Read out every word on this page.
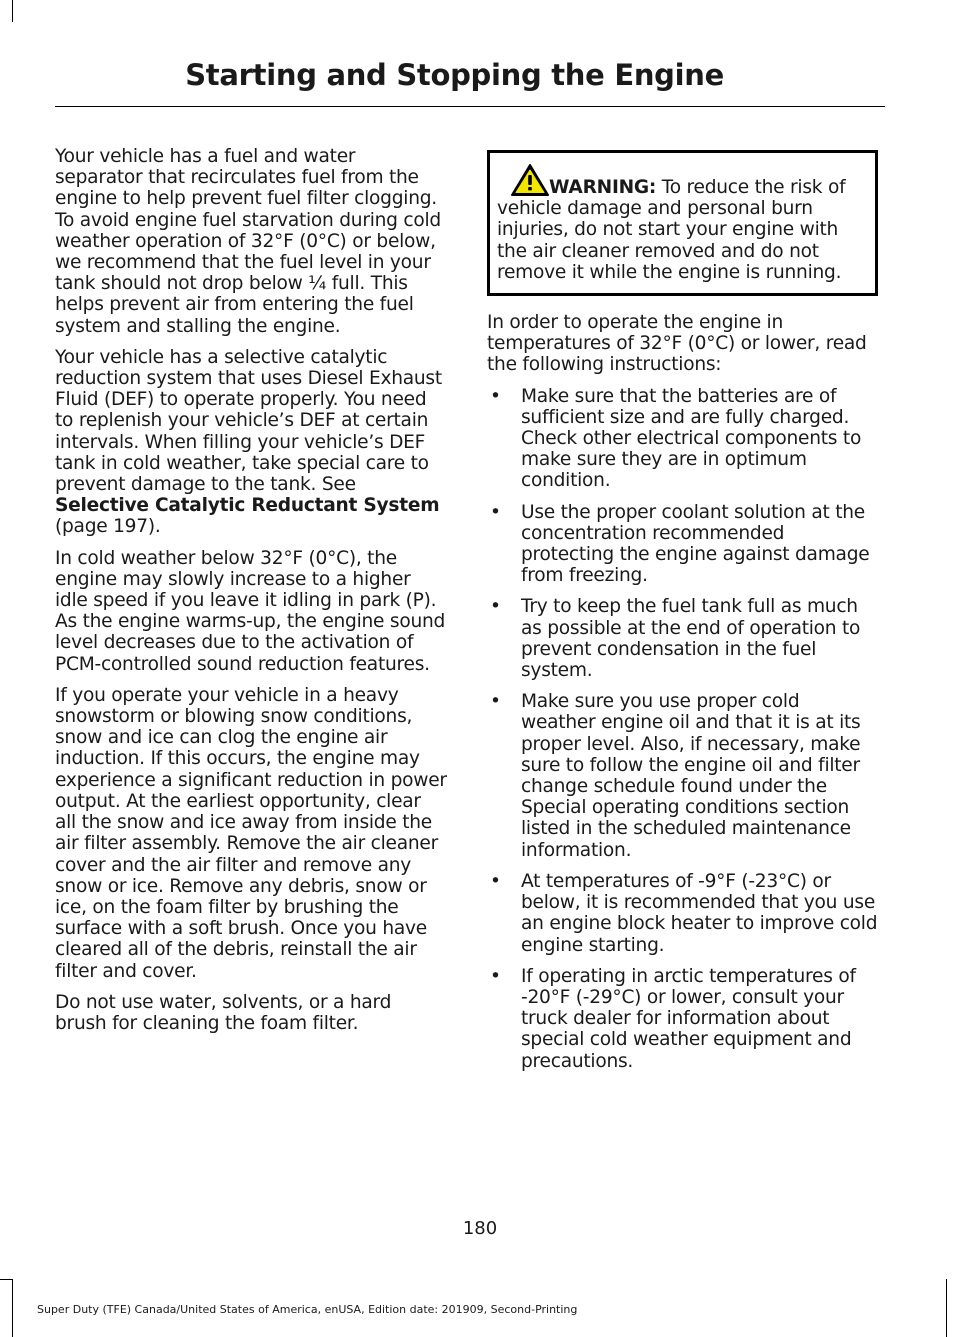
Starting and Stopping the Engine

Your vehicle has a fuel and water separator that recirculates fuel from the engine to help prevent fuel filter clogging. To avoid engine fuel starvation during cold weather operation of 32°F (0°C) or below, we recommend that the fuel level in your tank should not drop below ¼ full. This helps prevent air from entering the fuel system and stalling the engine.

Your vehicle has a selective catalytic reduction system that uses Diesel Exhaust Fluid (DEF) to operate properly. You need to replenish your vehicle’s DEF at certain intervals. When filling your vehicle’s DEF tank in cold weather, take special care to prevent damage to the tank. See Selective Catalytic Reductant System (page 197).

In cold weather below 32°F (0°C), the engine may slowly increase to a higher idle speed if you leave it idling in park (P). As the engine warms-up, the engine sound level decreases due to the activation of PCM-controlled sound reduction features.

If you operate your vehicle in a heavy snowstorm or blowing snow conditions, snow and ice can clog the engine air induction. If this occurs, the engine may experience a significant reduction in power output. At the earliest opportunity, clear all the snow and ice away from inside the air filter assembly. Remove the air cleaner cover and the air filter and remove any snow or ice. Remove any debris, snow or ice, on the foam filter by brushing the surface with a soft brush. Once you have cleared all of the debris, reinstall the air filter and cover.

Do not use water, solvents, or a hard brush for cleaning the foam filter.

WARNING: To reduce the risk of vehicle damage and personal burn injuries, do not start your engine with the air cleaner removed and do not remove it while the engine is running.

In order to operate the engine in temperatures of 32°F (0°C) or lower, read the following instructions:

• Make sure that the batteries are of sufficient size and are fully charged. Check other electrical components to make sure they are in optimum condition.
• Use the proper coolant solution at the concentration recommended protecting the engine against damage from freezing.
• Try to keep the fuel tank full as much as possible at the end of operation to prevent condensation in the fuel system.
• Make sure you use proper cold weather engine oil and that it is at its proper level. Also, if necessary, make sure to follow the engine oil and filter change schedule found under the Special operating conditions section listed in the scheduled maintenance information.
• At temperatures of -9°F (-23°C) or below, it is recommended that you use an engine block heater to improve cold engine starting.
• If operating in arctic temperatures of -20°F (-29°C) or lower, consult your truck dealer for information about special cold weather equipment and precautions.
180
Super Duty (TFE) Canada/United States of America, enUSA, Edition date: 201909, Second-Printing
